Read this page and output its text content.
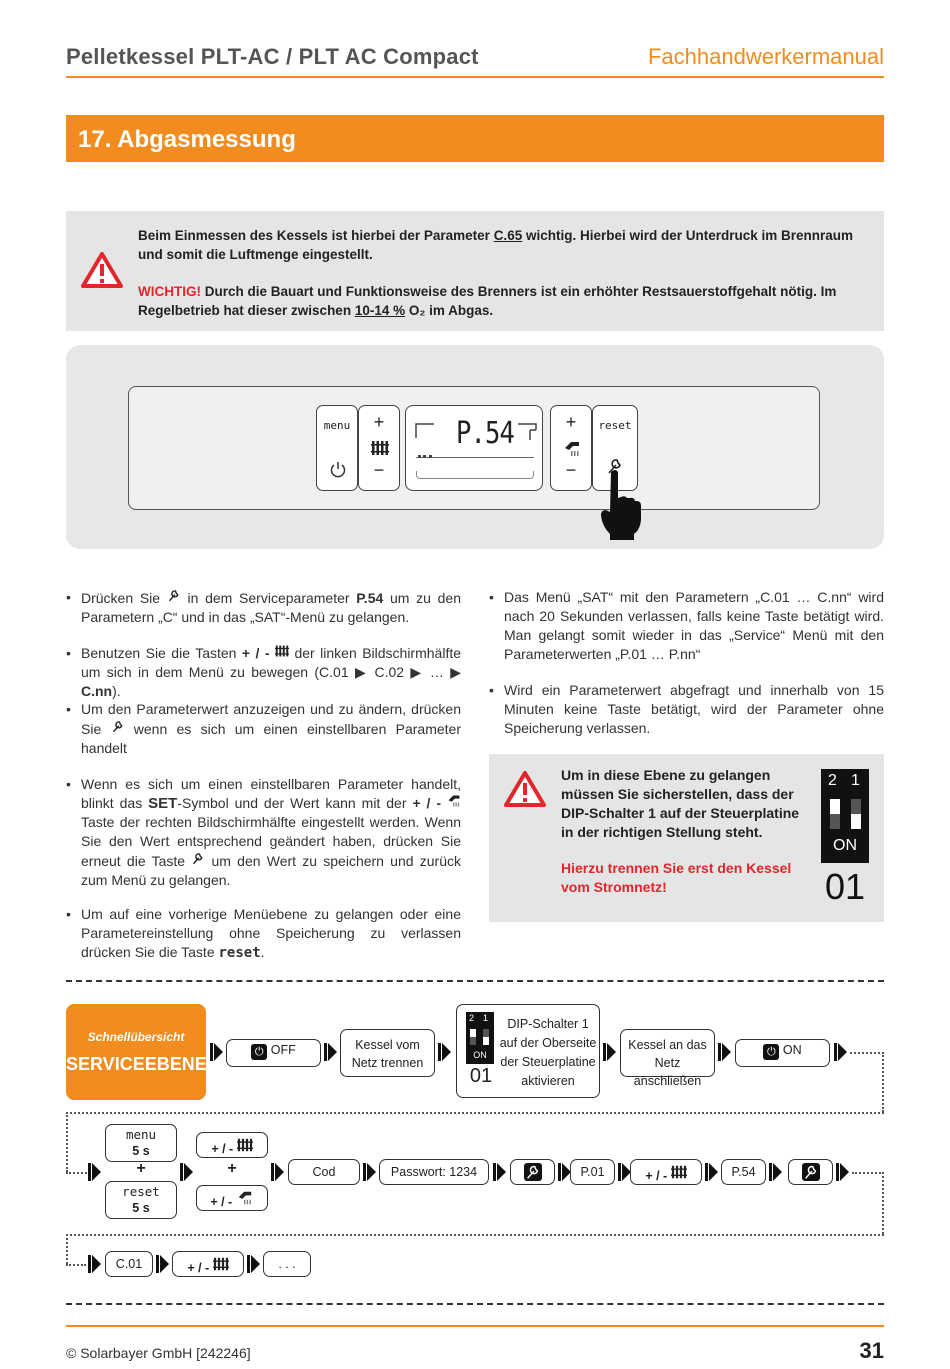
Pelletkessel PLT-AC / PLT AC Compact	Fachhandwerkermanual
17. Abgasmessung
Beim Einmessen des Kessels ist hierbei der Parameter C.65 wichtig. Hierbei wird der Unterdruck im Brennraum und somit die Luftmenge eingestellt.
WICHTIG! Durch die Bauart und Funktionsweise des Brenners ist ein erhöhter Restsauerstoffgehalt nötig. Im Regelbetrieb hat dieser zwischen 10-14 % O₂ im Abgas.
menu	+
−
P.54	+
−
reset
• Drücken Sie  in dem Serviceparameter P.54 um zu den Parametern „C“ und in das „SAT“-Menü zu gelangen.
• Benutzen Sie die Tasten + / -  der linken Bildschirmhälfte um sich in dem Menü zu bewegen (C.01 ▶ C.02 ▶ … ▶ C.nn).
• Um den Parameterwert anzuzeigen und zu ändern, drücken Sie  wenn es sich um einen einstellbaren Parameter handelt
• Wenn es sich um einen einstellbaren Parameter handelt, blinkt das SET-Symbol und der Wert kann mit der + / -  Taste der rechten Bildschirmhälfte eingestellt werden. Wenn Sie den Wert entsprechend geändert haben, drücken Sie erneut die Taste  um den Wert zu speichern und zurück zum Menü zu gelangen.
• Um auf eine vorherige Menüebene zu gelangen oder eine Parametereinstellung ohne Speicherung zu verlassen drücken Sie die Taste reset.
• Das Menü „SAT“ mit den Parametern „C.01 … C.nn“ wird nach 20 Sekunden verlassen, falls keine Taste betätigt wird. Man gelangt somit wieder in das „Service“ Menü mit den Parameterwerten „P.01 … P.nn“
• Wird ein Parameterwert abgefragt und innerhalb von 15 Minuten keine Taste betätigt, wird der Parameter ohne Speicherung verlassen.
Um in diese Ebene zu gelangen müssen Sie sicherstellen, dass der DIP-Schalter 1 auf der Steuerplatine in der richtigen Stellung steht.
Hierzu trennen Sie erst den Kessel vom Stromnetz!
2 1
ON
01
Schnellübersicht
SERVICEEBENE
⏻ OFF	Kessel vom Netz trennen
2 1
ON
01
DIP-Schalter 1 auf der Oberseite der Steuerplatine aktivieren
Kessel an das Netz anschließen
⏻ ON
menu
5 s
+
reset
5 s
+ / -
+
+ / -
Cod	Passwort: 1234	P.01	+ / -	P.54
C.01	+ / -	. . .
© Solarbayer GmbH [242246]	31
